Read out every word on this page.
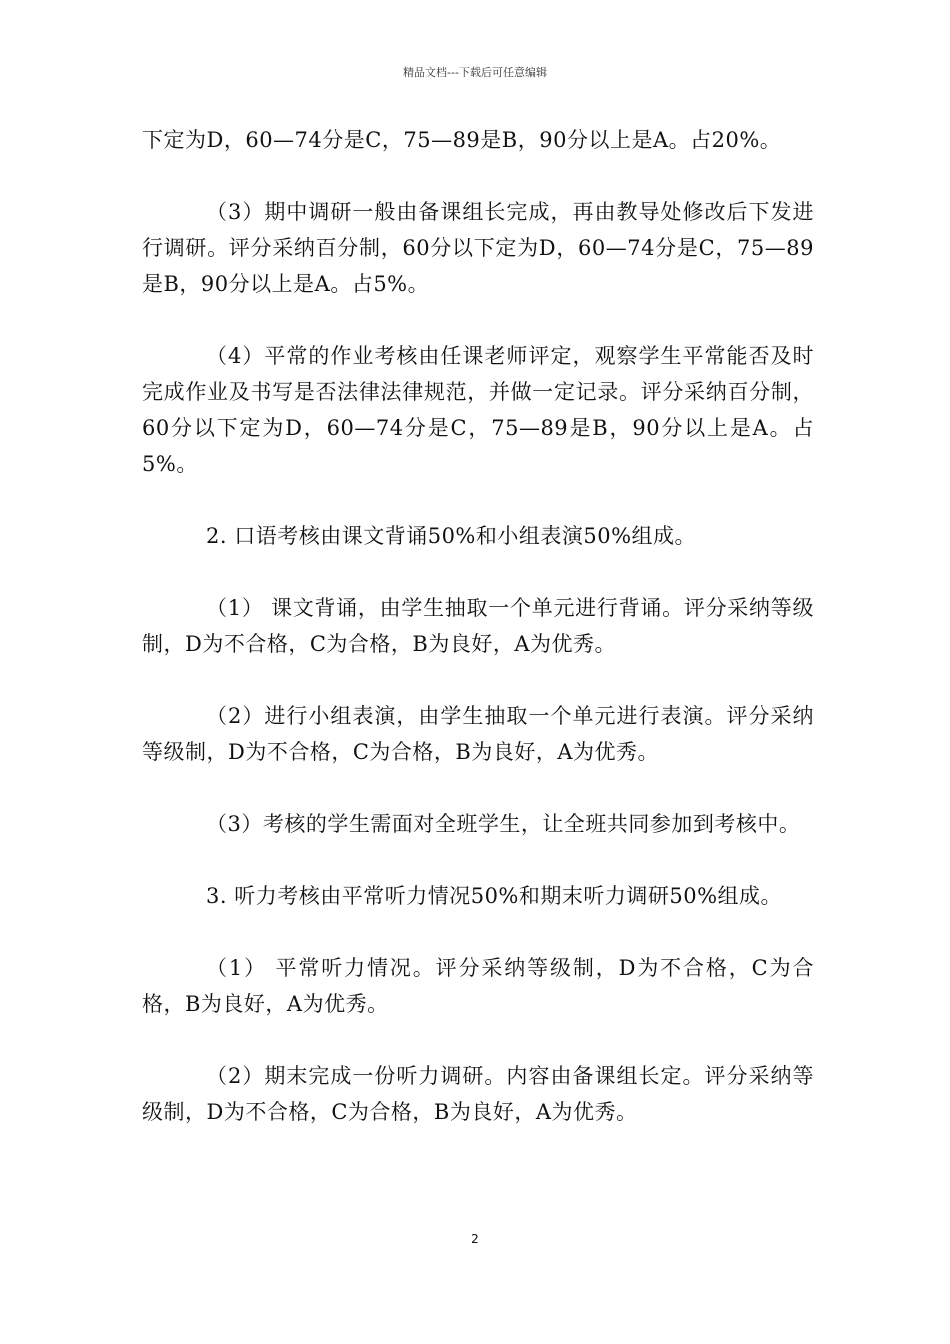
精品文档---下载后可任意编辑

下定为D，60—74分是C，75—89是B，90分以上是A。占20%。

（3）期中调研一般由备课组长完成，再由教导处修改后下发进行调研。评分采纳百分制，60分以下定为D，60—74分是C，75—89是B，90分以上是A。占5%。

（4）平常的作业考核由任课老师评定，观察学生平常能否及时完成作业及书写是否法律法律规范，并做一定记录。评分采纳百分制，60分以下定为D，60—74分是C，75—89是B，90分以上是A。占5%。

2. 口语考核由课文背诵50%和小组表演50%组成。

（1） 课文背诵，由学生抽取一个单元进行背诵。评分采纳等级制，D为不合格，C为合格，B为良好，A为优秀。

（2）进行小组表演，由学生抽取一个单元进行表演。评分采纳等级制，D为不合格，C为合格，B为良好，A为优秀。

（3）考核的学生需面对全班学生，让全班共同参加到考核中。

3. 听力考核由平常听力情况50%和期末听力调研50%组成。

（1） 平常听力情况。评分采纳等级制，D为不合格，C为合格，B为良好，A为优秀。

（2）期末完成一份听力调研。内容由备课组长定。评分采纳等级制，D为不合格，C为合格，B为良好，A为优秀。

2
